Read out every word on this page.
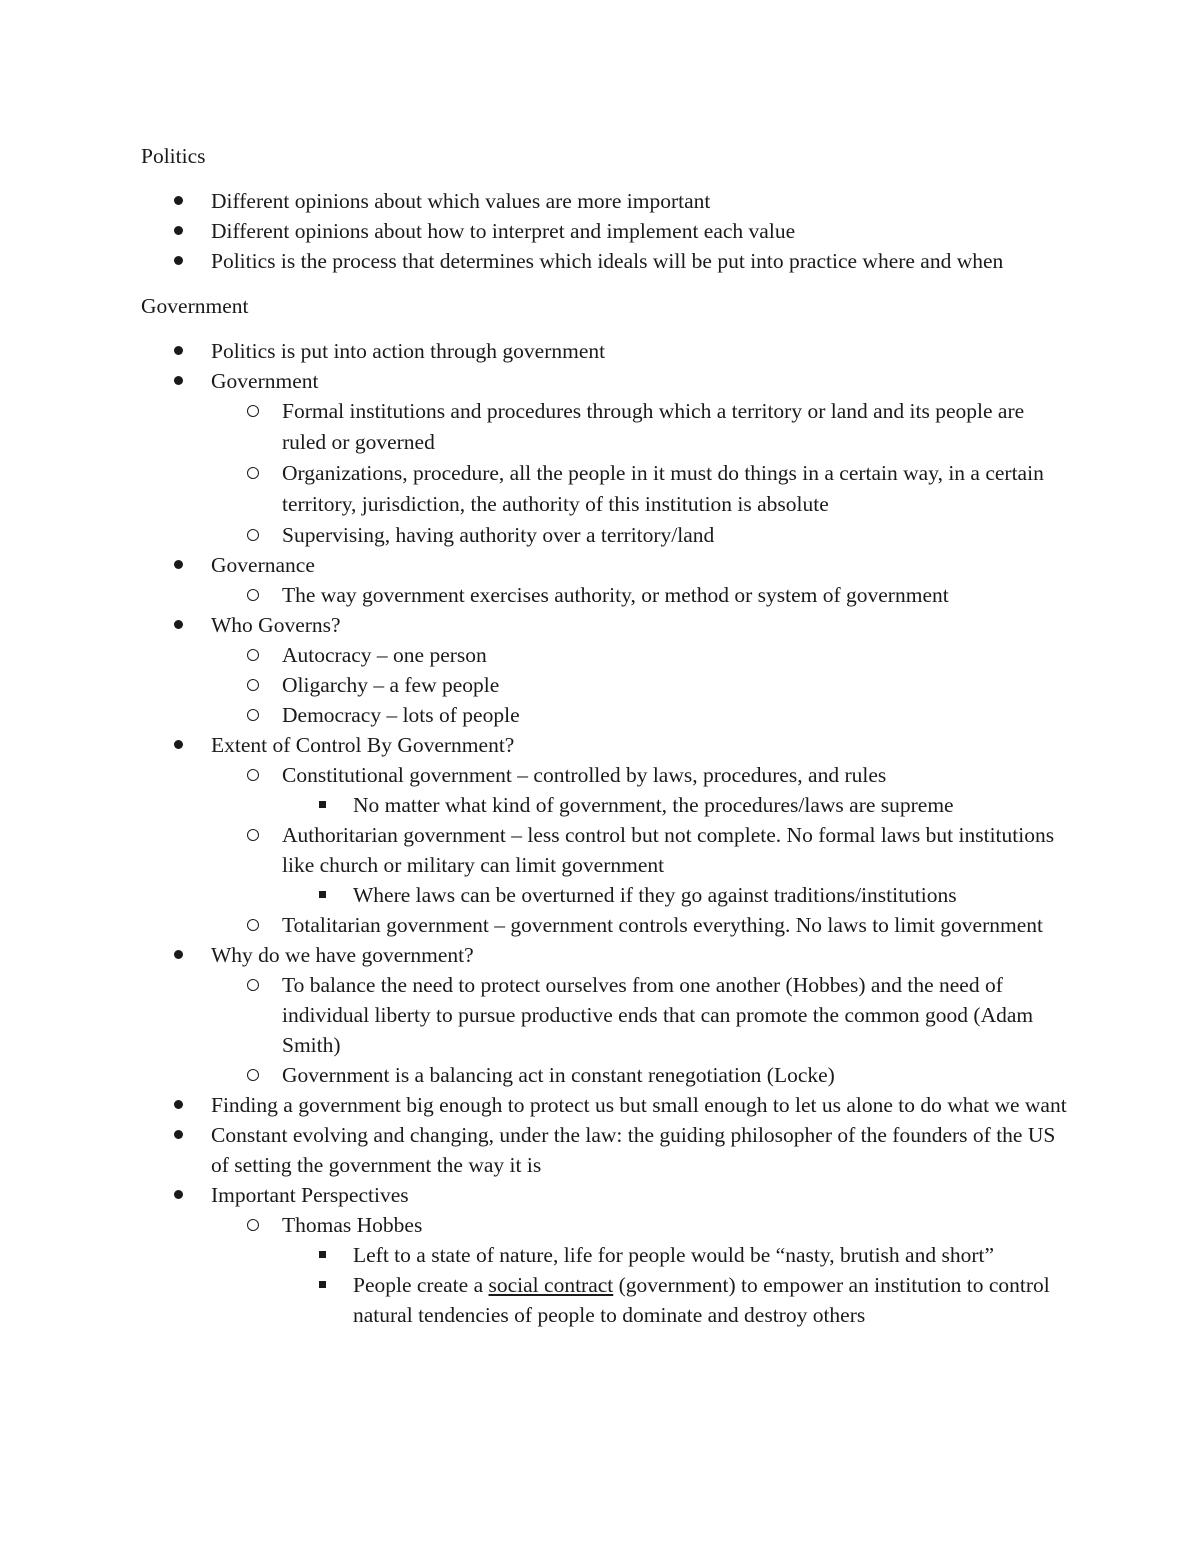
Politics

Different opinions about which values are more important
Different opinions about how to interpret and implement each value
Politics is the process that determines which ideals will be put into practice where and when

Government

Politics is put into action through government
Government
Formal institutions and procedures through which a territory or land and its people are ruled or governed
Organizations, procedure, all the people in it must do things in a certain way, in a certain territory, jurisdiction, the authority of this institution is absolute
Supervising, having authority over a territory/land
Governance
The way government exercises authority, or method or system of government
Who Governs?
Autocracy – one person
Oligarchy – a few people
Democracy – lots of people
Extent of Control By Government?
Constitutional government – controlled by laws, procedures, and rules
No matter what kind of government, the procedures/laws are supreme
Authoritarian government – less control but not complete. No formal laws but institutions like church or military can limit government
Where laws can be overturned if they go against traditions/institutions
Totalitarian government – government controls everything. No laws to limit government
Why do we have government?
To balance the need to protect ourselves from one another (Hobbes) and the need of individual liberty to pursue productive ends that can promote the common good (Adam Smith)
Government is a balancing act in constant renegotiation (Locke)
Finding a government big enough to protect us but small enough to let us alone to do what we want
Constant evolving and changing, under the law: the guiding philosopher of the founders of the US of setting the government the way it is
Important Perspectives
Thomas Hobbes
Left to a state of nature, life for people would be “nasty, brutish and short”
People create a social contract (government) to empower an institution to control natural tendencies of people to dominate and destroy others
